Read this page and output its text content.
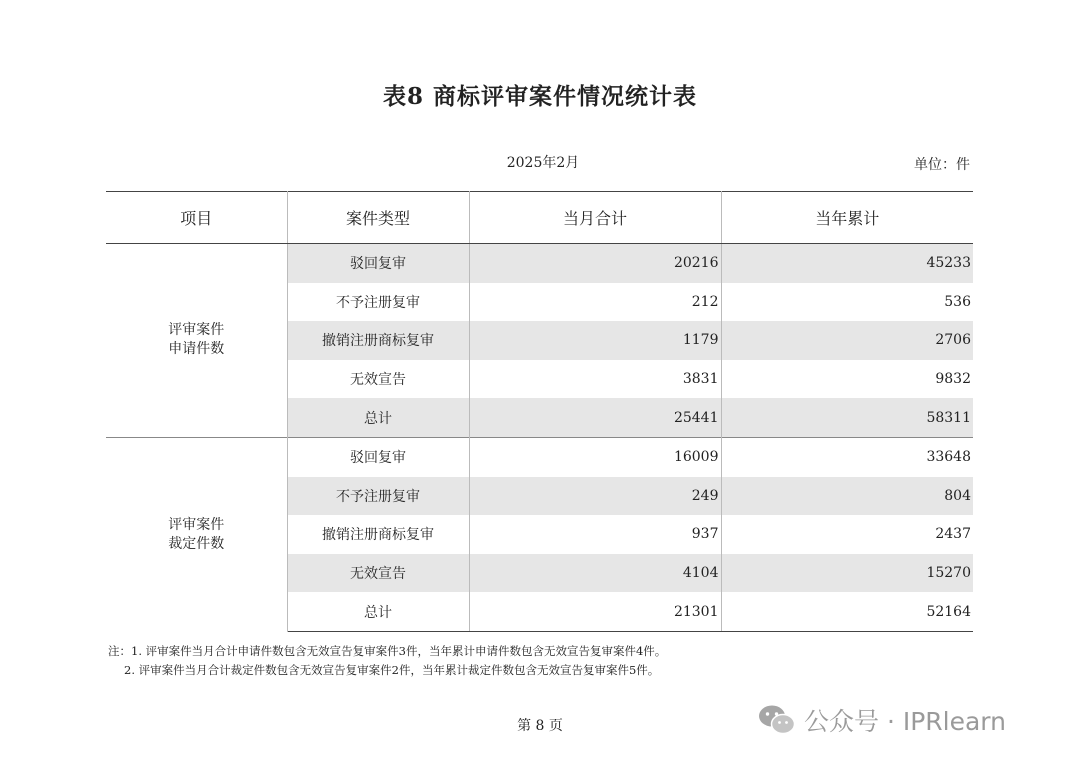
表8 商标评审案件情况统计表
2025年2月	单位：件
项目	案件类型	当月合计	当年累计
评审案件
申请件数	驳回复审	20216	45233
	不予注册复审	212	536
	撤销注册商标复审	1179	2706
	无效宣告	3831	9832
	总计	25441	58311
评审案件
裁定件数	驳回复审	16009	33648
	不予注册复审	249	804
	撤销注册商标复审	937	2437
	无效宣告	4104	15270
	总计	21301	52164
注：1. 评审案件当月合计申请件数包含无效宣告复审案件3件，当年累计申请件数包含无效宣告复审案件4件。
2. 评审案件当月合计裁定件数包含无效宣告复审案件2件，当年累计裁定件数包含无效宣告复审案件5件。
第 8 页	公众号 · IPRlearn
